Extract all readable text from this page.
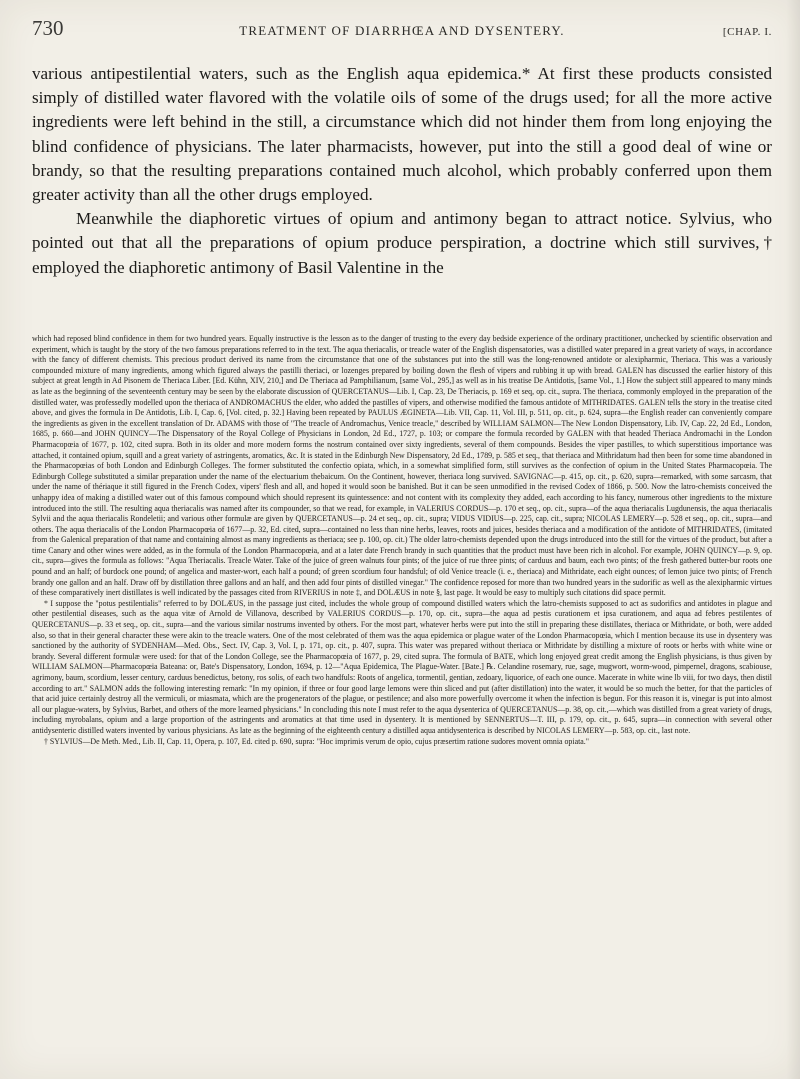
730	TREATMENT OF DIARRHŒA AND DYSENTERY.	[CHAP. I.

various antipestilential waters, such as the English aqua epidemica.* At first these products consisted simply of distilled water flavored with the volatile oils of some of the drugs used; for all the more active ingredients were left behind in the still, a circumstance which did not hinder them from long enjoying the blind confidence of physicians. The later pharmacists, however, put into the still a good deal of wine or brandy, so that the resulting preparations contained much alcohol, which probably conferred upon them greater activity than all the other drugs employed.

Meanwhile the diaphoretic virtues of opium and antimony began to attract notice. Sylvius, who pointed out that all the preparations of opium produce perspiration, a doctrine which still survives,† employed the diaphoretic antimony of Basil Valentine in the

which had reposed blind confidence in them for two hundred years. Equally instructive is the lesson as to the danger of trusting to the every day bedside experience of the ordinary practitioner, unchecked by scientific observation and experiment, which is taught by the story of the two famous preparations referred to in the text. The aqua theriacalis, or treacle water of the English dispensatories, was a distilled water prepared in a great variety of ways, in accordance with the fancy of different chemists. This precious product derived its name from the circumstance that one of the substances put into the still was the long-renowned antidote or alexipharmic, Theriaca. This was a variously compounded mixture of many ingredients, among which figured always the pastilli theriaci, or lozenges prepared by boiling down the flesh of vipers and rubbing it up with bread. GALEN has discussed the earlier history of this subject at great length in Ad Pisonem de Theriaca Liber. [Ed. Kühn, XIV, 210,] and De Theriaca ad Pamphilianum, [same Vol., 295,] as well as in his treatise De Antidotis, [same Vol., 1.] How the subject still appeared to many minds as late as the beginning of the seventeenth century may be seen by the elaborate discussion of QUERCETANUS—Lib. I, Cap. 23, De Theriacis, p. 169 et seq, op. cit., supra. The theriaca, commonly employed in the preparation of the distilled water, was professedly modelled upon the theriaca of ANDROMACHUS the elder, who added the pastilles of vipers, and otherwise modified the famous antidote of MITHRIDATES. GALEN tells the story in the treatise cited above, and gives the formula in De Antidotis, Lib. I, Cap. 6, [Vol. cited, p. 32.] Having been repeated by PAULUS ÆGINETA—Lib. VII, Cap. 11, Vol. III, p. 511, op. cit., p. 624, supra—the English reader can conveniently compare the ingredients as given in the excellent translation of Dr. ADAMS with those of "The treacle of Andromachus, Venice treacle," described by WILLIAM SALMON—The New London Dispensatory, Lib. IV, Cap. 22, 2d Ed., London, 1685, p. 660—and JOHN QUINCY—The Dispensatory of the Royal College of Physicians in London, 2d Ed., 1727, p. 103; or compare the formula recorded by GALEN with that headed Theriaca Andromachi in the London Pharmacopœia of 1677, p. 102, cited supra. Both in its older and more modern forms the nostrum contained over sixty ingredients, several of them compounds. Besides the viper pastilles, to which superstitious importance was attached, it contained opium, squill and a great variety of astringents, aromatics, &c. It is stated in the Edinburgh New Dispensatory, 2d Ed., 1789, p. 585 et seq., that theriaca and Mithridatum had then been for some time abandoned in the Pharmacopœias of both London and Edinburgh Colleges. The former substituted the confectio opiata, which, in a somewhat simplified form, still survives as the confection of opium in the United States Pharmacopœia. The Edinburgh College substituted a similar preparation under the name of the electuarium thebaicum. On the Continent, however, theriaca long survived. SAVIGNAC—p. 415, op. cit., p. 620, supra—remarked, with some sarcasm, that under the name of thériaque it still figured in the French Codex, vipers' flesh and all, and hoped it would soon be banished. But it can be seen unmodified in the revised Codex of 1866, p. 500. Now the latro-chemists conceived the unhappy idea of making a distilled water out of this famous compound which should represent its quintessence: and not content with its complexity they added, each according to his fancy, numerous other ingredients to the mixture introduced into the still. The resulting aqua theriacalis was named after its compounder, so that we read, for example, in VALERIUS CORDUS—p. 170 et seq., op. cit., supra—of the aqua theriacalis Lugdunensis, the aqua theriacalis Sylvii and the aqua theriacalis Rondeletii; and various other formulæ are given by QUERCETANUS—p. 24 et seq., op. cit., supra; VIDUS VIDIUS—p. 225, cap. cit., supra; NICOLAS LEMERY—p. 528 et seq., op. cit., supra—and others. The aqua theriacalis of the London Pharmacopœia of 1677—p. 32, Ed. cited, supra—contained no less than nine herbs, leaves, roots and juices, besides theriaca and a modification of the antidote of MITHRIDATES, (imitated from the Galenical preparation of that name and containing almost as many ingredients as theriaca; see p. 100, op. cit.) The older latro-chemists depended upon the drugs introduced into the still for the virtues of the product, but after a time Canary and other wines were added, as in the formula of the London Pharmacopœia, and at a later date French brandy in such quantities that the product must have been rich in alcohol. For example, JOHN QUINCY—p. 9, op. cit., supra—gives the formula as follows: "Aqua Theriacalis. Treacle Water. Take of the juice of green walnuts four pints; of the juice of rue three pints; of carduus and baum, each two pints; of the fresh gathered butter-bur roots one pound and an half; of burdock one pound; of angelica and master-wort, each half a pound; of green scordium four handsful; of old Venice treacle (i. e., theriaca) and Mithridate, each eight ounces; of lemon juice two pints; of French brandy one gallon and an half. Draw off by distillation three gallons and an half, and then add four pints of distilled vinegar." The confidence reposed for more than two hundred years in the sudorific as well as the alexipharmic virtues of these comparatively inert distillates is well indicated by the passages cited from RIVERIUS in note ‡, and DOLÆUS in note §, last page. It would be easy to multiply such citations did space permit.

* I suppose the "potus pestilentialis" referred to by DOLÆUS, in the passage just cited, includes the whole group of compound distilled waters which the latro-chemists supposed to act as sudorifics and antidotes in plague and other pestilential diseases, such as the aqua vitæ of Arnold de Villanova, described by VALERIUS CORDUS—p. 170, op. cit., supra—the aqua ad pestis curationem et ipsa curationem, and aqua ad febres pestilentes of QUERCETANUS—p. 33 et seq., op. cit., supra—and the various similar nostrums invented by others. For the most part, whatever herbs were put into the still in preparing these distillates, theriaca or Mithridate, or both, were added also, so that in their general character these were akin to the treacle waters. One of the most celebrated of them was the aqua epidemica or plague water of the London Pharmacopœia, which I mention because its use in dysentery was sanctioned by the authority of SYDENHAM—Med. Obs., Sect. IV, Cap. 3, Vol. I, p. 171, op. cit., p. 407, supra. This water was prepared without theriaca or Mithridate by distilling a mixture of roots or herbs with white wine or brandy. Several different formulæ were used: for that of the London College, see the Pharmacopœia of 1677, p. 29, cited supra. The formula of BATE, which long enjoyed great credit among the English physicians, is thus given by WILLIAM SALMON—Pharmacopœia Bateana: or, Bate's Dispensatory, London, 1694, p. 12—"Aqua Epidemica, The Plague-Water. [Bate.] ℞. Celandine rosemary, rue, sage, mugwort, worm-wood, pimpernel, dragons, scabiouse, agrimony, baum, scordium, lesser century, carduus benedictus, betony, ros solis, of each two handfuls: Roots of angelica, tormentil, gentian, zedoary, liquorice, of each one ounce. Macerate in white wine lb viii, for two days, then distil according to art." SALMON adds the following interesting remark: "In my opinion, if three or four good large lemons were thin sliced and put (after distillation) into the water, it would be so much the better, for that the particles of that acid juice certainly destroy all the vermiculi, or miasmata, which are the progenerators of the plague, or pestilence; and also more powerfully overcome it when the infection is begun. For this reason it is, vinegar is put into almost all our plague-waters, by Sylvius, Barbet, and others of the more learned physicians." In concluding this note I must refer to the aqua dysenterica of QUERCETANUS—p. 38, op. cit.,—which was distilled from a great variety of drugs, including myrobalans, opium and a large proportion of the astringents and aromatics at that time used in dysentery. It is mentioned by SENNERTUS—T. III, p. 179, op. cit., p. 645, supra—in connection with several other antidysenteric distilled waters invented by various physicians. As late as the beginning of the eighteenth century a distilled aqua antidysenterica is described by NICOLAS LEMERY—p. 583, op. cit., last note.

† SYLVIUS—De Meth. Med., Lib. II, Cap. 11, Opera, p. 107, Ed. cited p. 690, supra: "Hoc imprimis verum de opio, cujus præsertim ratione sudores movent omnia opiata."
